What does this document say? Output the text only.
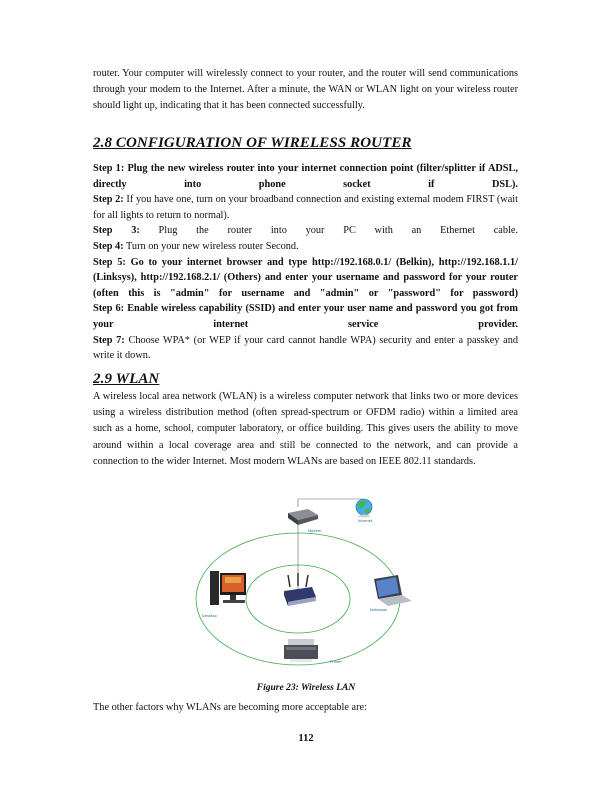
router. Your computer will wirelessly connect to your router, and the router will send communications through your modem to the Internet. After a minute, the WAN or WLAN light on your wireless router should light up, indicating that it has been connected successfully.

2.8 CONFIGURATION OF WIRELESS ROUTER
Step 1: Plug the new wireless router into your internet connection point (filter/splitter if ADSL, directly into phone socket if DSL).
Step 2: If you have one, turn on your broadband connection and existing external modem FIRST (wait for all lights to return to normal).
Step 3: Plug the router into your PC with an Ethernet cable.
Step 4: Turn on your new wireless router Second.
Step 5: Go to your internet browser and type http://192.168.0.1/ (Belkin), http://192.168.1.1/ (Linksys), http://192.168.2.1/ (Others) and enter your username and password for your router (often this is "admin" for username and "admin" or "password" for password)
Step 6: Enable wireless capability (SSID) and enter your user name and password you got from your internet service provider.
Step 7: Choose WPA* (or WEP if your card cannot handle WPA) security and enter a passkey and write it down.
2.9 WLAN

A wireless local area network (WLAN) is a wireless computer network that links two or more devices using a wireless distribution method (often spread-spectrum or OFDM radio) within a limited area such as a home, school, computer laboratory, or office building. This gives users the ability to move around within a local coverage area and still be connected to the network, and can provide a connection to the wider Internet. Most modern WLANs are based on IEEE 802.11 standards.

Internet
Modem
Desktop
Notebook
Printer
Figure 23: Wireless LAN

The other factors why WLANs are becoming more acceptable are:

112
